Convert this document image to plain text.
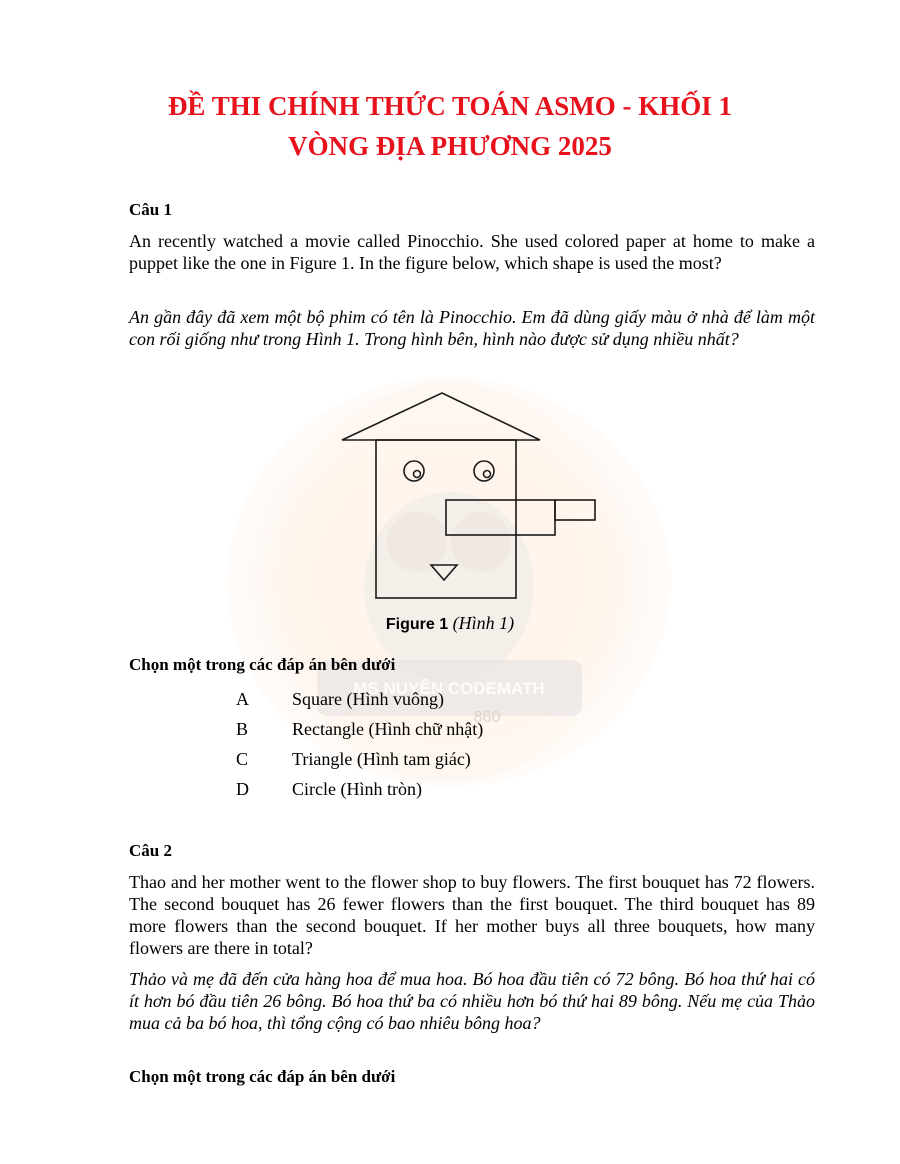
MS NUYÊN CODEMATH
860
ĐỀ THI CHÍNH THỨC TOÁN ASMO - KHỐI 1
VÒNG ĐỊA PHƯƠNG 2025
Câu 1
An recently watched a movie called Pinocchio. She used colored paper at home to make a puppet like the one in Figure 1. In the figure below, which shape is used the most?
An gần đây đã xem một bộ phim có tên là Pinocchio. Em đã dùng giấy màu ở nhà để làm một con rối giống như trong Hình 1. Trong hình bên, hình nào được sử dụng nhiều nhất?
Figure 1 (Hình 1)
Chọn một trong các đáp án bên dưới
A Square (Hình vuông)
B Rectangle (Hình chữ nhật)
C Triangle (Hình tam giác)
D Circle (Hình tròn)
Câu 2
Thao and her mother went to the flower shop to buy flowers. The first bouquet has 72 flowers. The second bouquet has 26 fewer flowers than the first bouquet. The third bouquet has 89 more flowers than the second bouquet. If her mother buys all three bouquets, how many flowers are there in total?
Thảo và mẹ đã đến cửa hàng hoa để mua hoa. Bó hoa đầu tiên có 72 bông. Bó hoa thứ hai có ít hơn bó đầu tiên 26 bông. Bó hoa thứ ba có nhiều hơn bó thứ hai 89 bông. Nếu mẹ của Thảo mua cả ba bó hoa, thì tổng cộng có bao nhiêu bông hoa?
Chọn một trong các đáp án bên dưới
